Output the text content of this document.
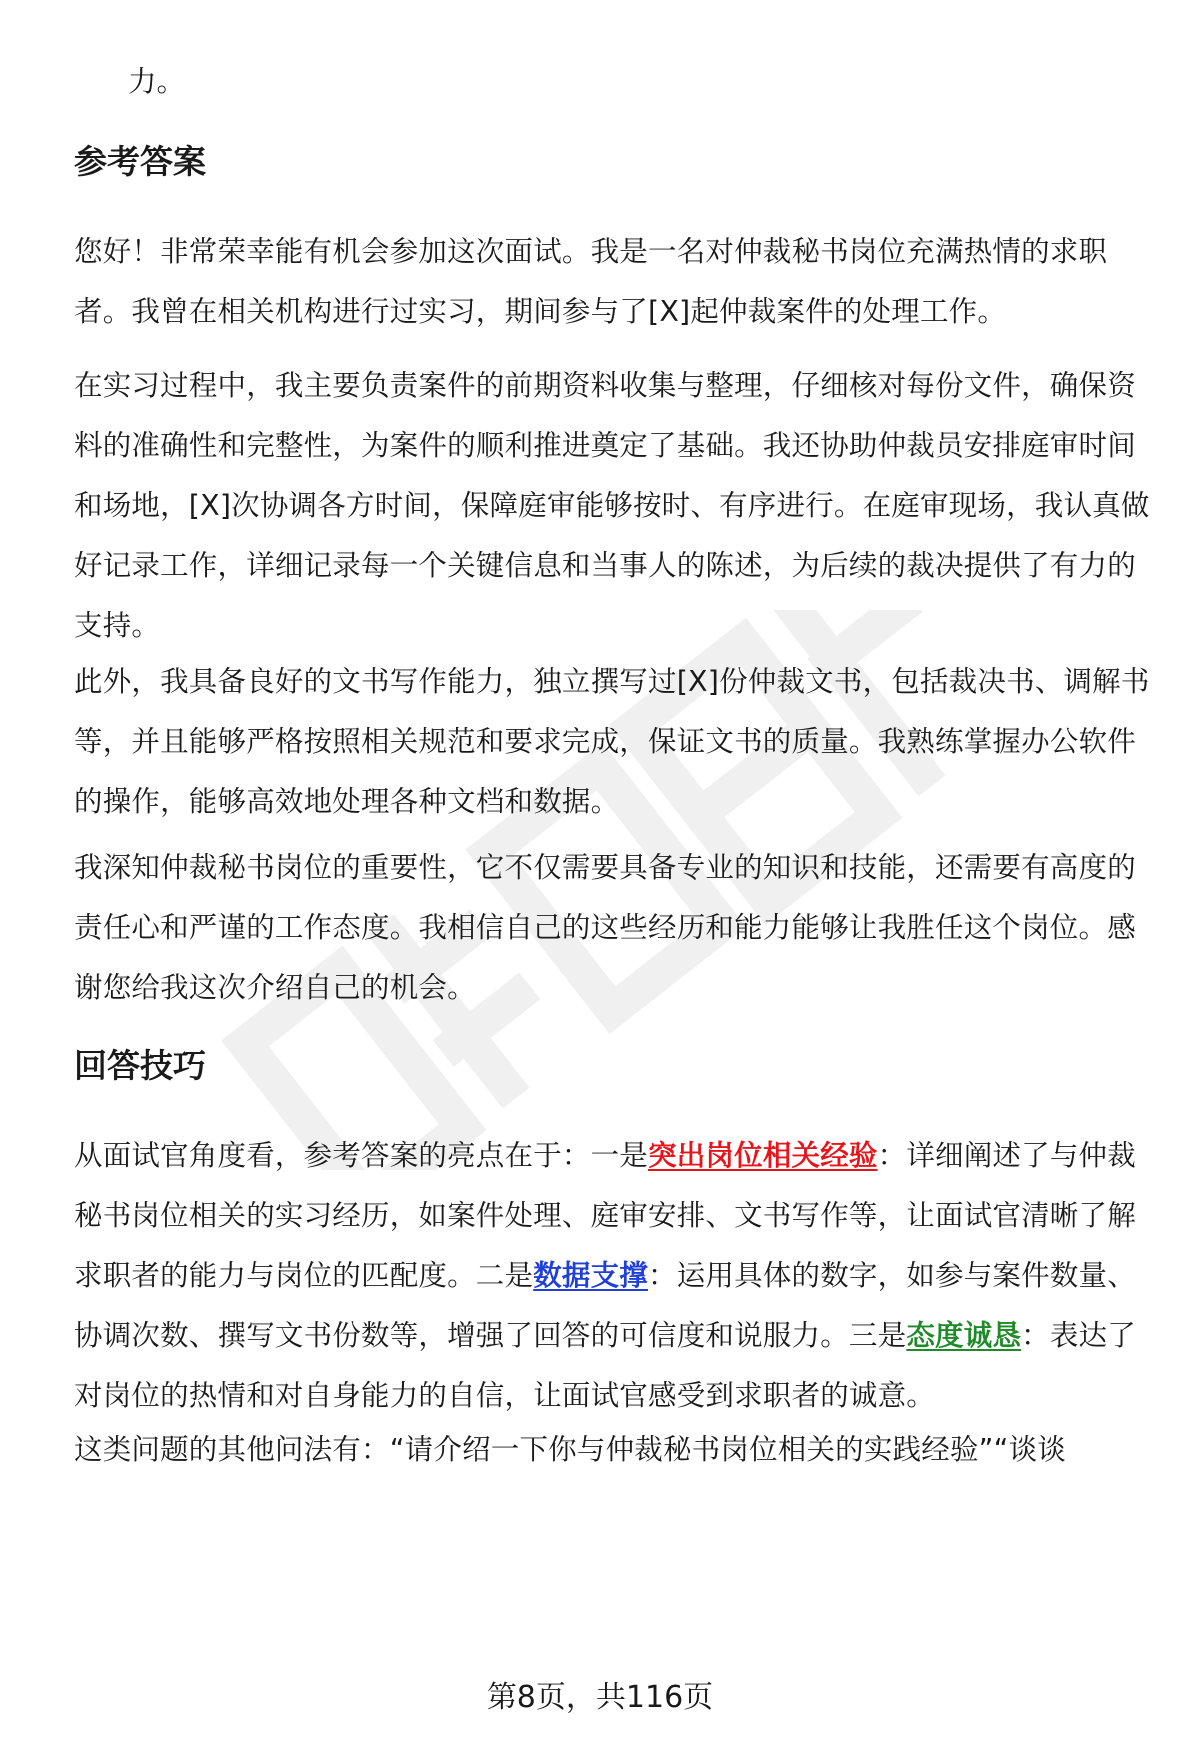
力。

参考答案

您好！非常荣幸能有机会参加这次面试。我是一名对仲裁秘书岗位充满热情的求职者。我曾在相关机构进行过实习，期间参与了[X]起仲裁案件的处理工作。

在实习过程中，我主要负责案件的前期资料收集与整理，仔细核对每份文件，确保资料的准确性和完整性，为案件的顺利推进奠定了基础。我还协助仲裁员安排庭审时间和场地，[X]次协调各方时间，保障庭审能够按时、有序进行。在庭审现场，我认真做好记录工作，详细记录每一个关键信息和当事人的陈述，为后续的裁决提供了有力的支持。

此外，我具备良好的文书写作能力，独立撰写过[X]份仲裁文书，包括裁决书、调解书等，并且能够严格按照相关规范和要求完成，保证文书的质量。我熟练掌握办公软件的操作，能够高效地处理各种文档和数据。

我深知仲裁秘书岗位的重要性，它不仅需要具备专业的知识和技能，还需要有高度的责任心和严谨的工作态度。我相信自己的这些经历和能力能够让我胜任这个岗位。感谢您给我这次介绍自己的机会。

回答技巧

从面试官角度看，参考答案的亮点在于：一是突出岗位相关经验：详细阐述了与仲裁秘书岗位相关的实习经历，如案件处理、庭审安排、文书写作等，让面试官清晰了解求职者的能力与岗位的匹配度。二是数据支撑：运用具体的数字，如参与案件数量、协调次数、撰写文书份数等，增强了回答的可信度和说服力。三是态度诚恳：表达了对岗位的热情和对自身能力的自信，让面试官感受到求职者的诚意。

这类问题的其他问法有：“请介绍一下你与仲裁秘书岗位相关的实践经验”“谈谈

第8页，共116页
